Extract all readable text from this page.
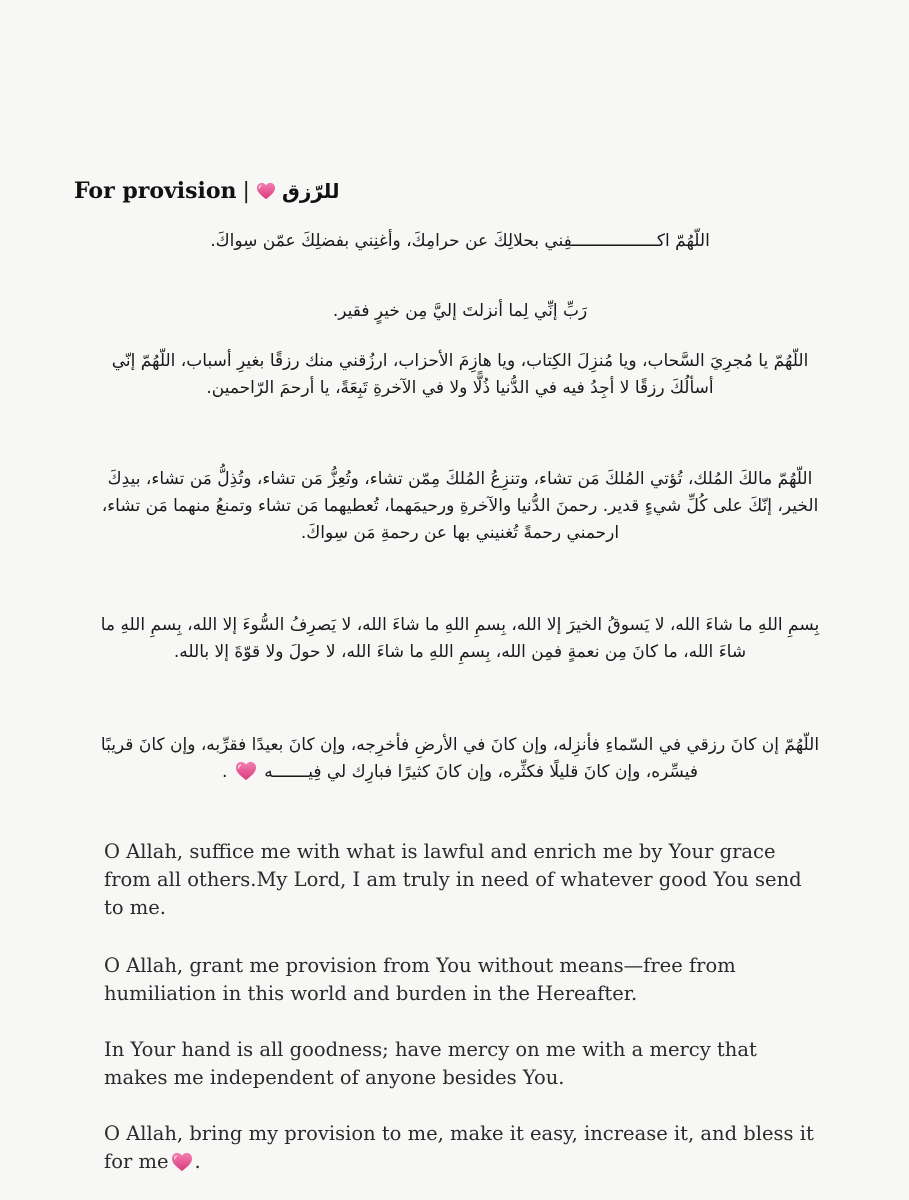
For provision | للرّزق
اللّهُمّ اكـــــــــــــــــفِني بحلالِكَ عن حرامِكَ، وأغنِني بفضلِكَ عمّن سِواكَ.
رَبِّ إنِّي لِما أنزلتَ إليَّ مِن خيرٍ فقير.
اللّهُمّ يا مُجرِيَ السَّحاب، ويا مُنزِلَ الكِتاب، ويا هازِمَ الأحزاب، ارزُقني منك رزقًا بغيرِ أسباب، اللّهُمّ إنّي أسألُكَ رزقًا لا أجِدُ فيه في الدُّنيا ذُلًّا ولا في الآخرةِ تَبِعَةً، يا أرحمَ الرّاحمين.
اللّهُمّ مالكَ المُلك، تُؤتي المُلكَ مَن تشاء، وتنزِعُ المُلكَ مِمّن تشاء، وتُعِزُّ مَن تشاء، وتُذِلُّ مَن تشاء، بيدِكَ الخير، إنّكَ على كُلِّ شيءٍ قدير. رحمنَ الدُّنيا والآخرةِ ورحيمَهما، تُعطيهما مَن تشاء وتمنعُ منهما مَن تشاء، ارحمني رحمةً تُغنيني بها عن رحمةِ مَن سِواكَ.
بِسمِ اللهِ ما شاءَ الله، لا يَسوقُ الخيرَ إلا الله، بِسمِ اللهِ ما شاءَ الله، لا يَصرِفُ السُّوءَ إلا الله، بِسمِ اللهِ ما شاءَ الله، ما كانَ مِن نعمةٍ فمِن الله، بِسمِ اللهِ ما شاءَ الله، لا حولَ ولا قوّةَ إلا بالله.
اللّهُمّ إن كانَ رزقي في السّماءِ فأنزِله، وإن كانَ في الأرضِ فأخرِجه، وإن كانَ بعيدًا فقرِّبه، وإن كانَ قريبًا فيسِّره، وإن كانَ قليلًا فكثِّره، وإن كانَ كثيرًا فبارِك لي فِيـــــــه  .
O Allah, suffice me with what is lawful and enrich me by Your grace from all others.My Lord, I am truly in need of whatever good You send to me.
O Allah, grant me provision from You without means—free from humiliation in this world and burden in the Hereafter.
In Your hand is all goodness; have mercy on me with a mercy that makes me independent of anyone besides You.
O Allah, bring my provision to me, make it easy, increase it, and bless it for me .
